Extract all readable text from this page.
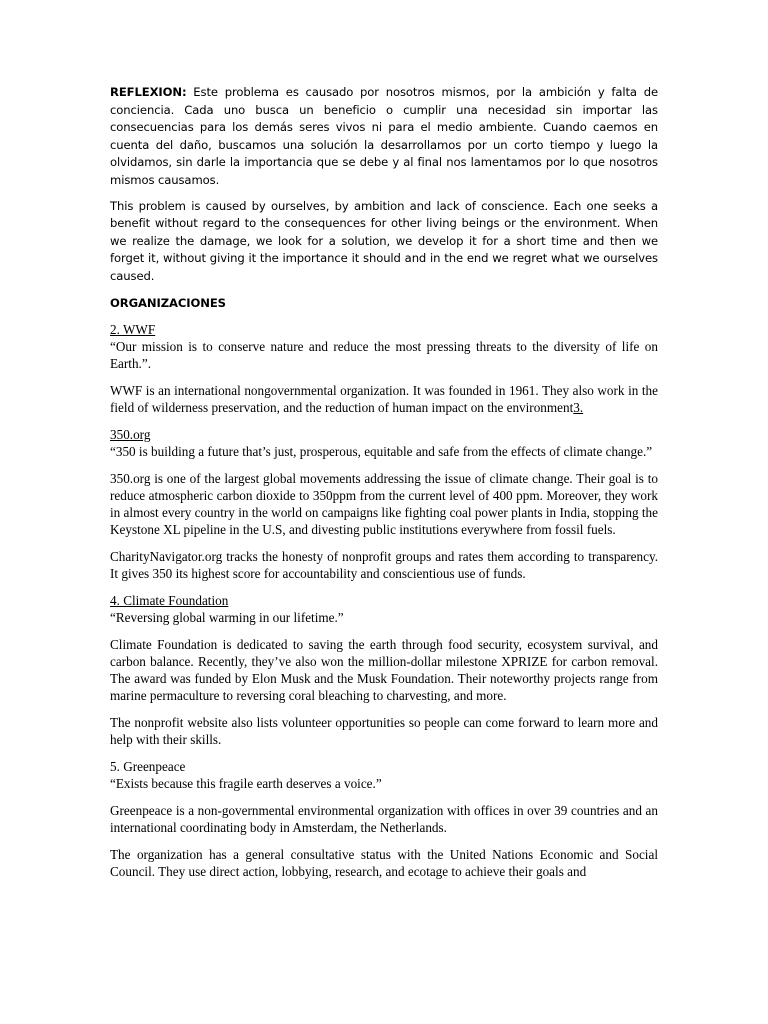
REFLEXION: Este problema es causado por nosotros mismos, por la ambición y falta de conciencia. Cada uno busca un beneficio o cumplir una necesidad sin importar las consecuencias para los demás seres vivos ni para el medio ambiente. Cuando caemos en cuenta del daño, buscamos una solución la desarrollamos por un corto tiempo y luego la olvidamos, sin darle la importancia que se debe y al final nos lamentamos por lo que nosotros mismos causamos.

This problem is caused by ourselves, by ambition and lack of conscience. Each one seeks a benefit without regard to the consequences for other living beings or the environment. When we realize the damage, we look for a solution, we develop it for a short time and then we forget it, without giving it the importance it should and in the end we regret what we ourselves caused.

ORGANIZACIONES

2. WWF
“Our mission is to conserve nature and reduce the most pressing threats to the diversity of life on Earth.”.

WWF is an international nongovernmental organization. It was founded in 1961. They also work in the field of wilderness preservation, and the reduction of human impact on the environment3.

350.org
“350 is building a future that’s just, prosperous, equitable and safe from the effects of climate change.”

350.org is one of the largest global movements addressing the issue of climate change. Their goal is to reduce atmospheric carbon dioxide to 350ppm from the current level of 400 ppm. Moreover, they work in almost every country in the world on campaigns like fighting coal power plants in India, stopping the Keystone XL pipeline in the U.S, and divesting public institutions everywhere from fossil fuels.

CharityNavigator.org tracks the honesty of nonprofit groups and rates them according to transparency. It gives 350 its highest score for accountability and conscientious use of funds.

4. Climate Foundation
“Reversing global warming in our lifetime.”

Climate Foundation is dedicated to saving the earth through food security, ecosystem survival, and carbon balance. Recently, they’ve also won the million-dollar milestone XPRIZE for carbon removal. The award was funded by Elon Musk and the Musk Foundation. Their noteworthy projects range from marine permaculture to reversing coral bleaching to charvesting, and more.

The nonprofit website also lists volunteer opportunities so people can come forward to learn more and help with their skills.

5. Greenpeace
“Exists because this fragile earth deserves a voice.”

Greenpeace is a non-governmental environmental organization with offices in over 39 countries and an international coordinating body in Amsterdam, the Netherlands.

The organization has a general consultative status with the United Nations Economic and Social Council. They use direct action, lobbying, research, and ecotage to achieve their goals and
